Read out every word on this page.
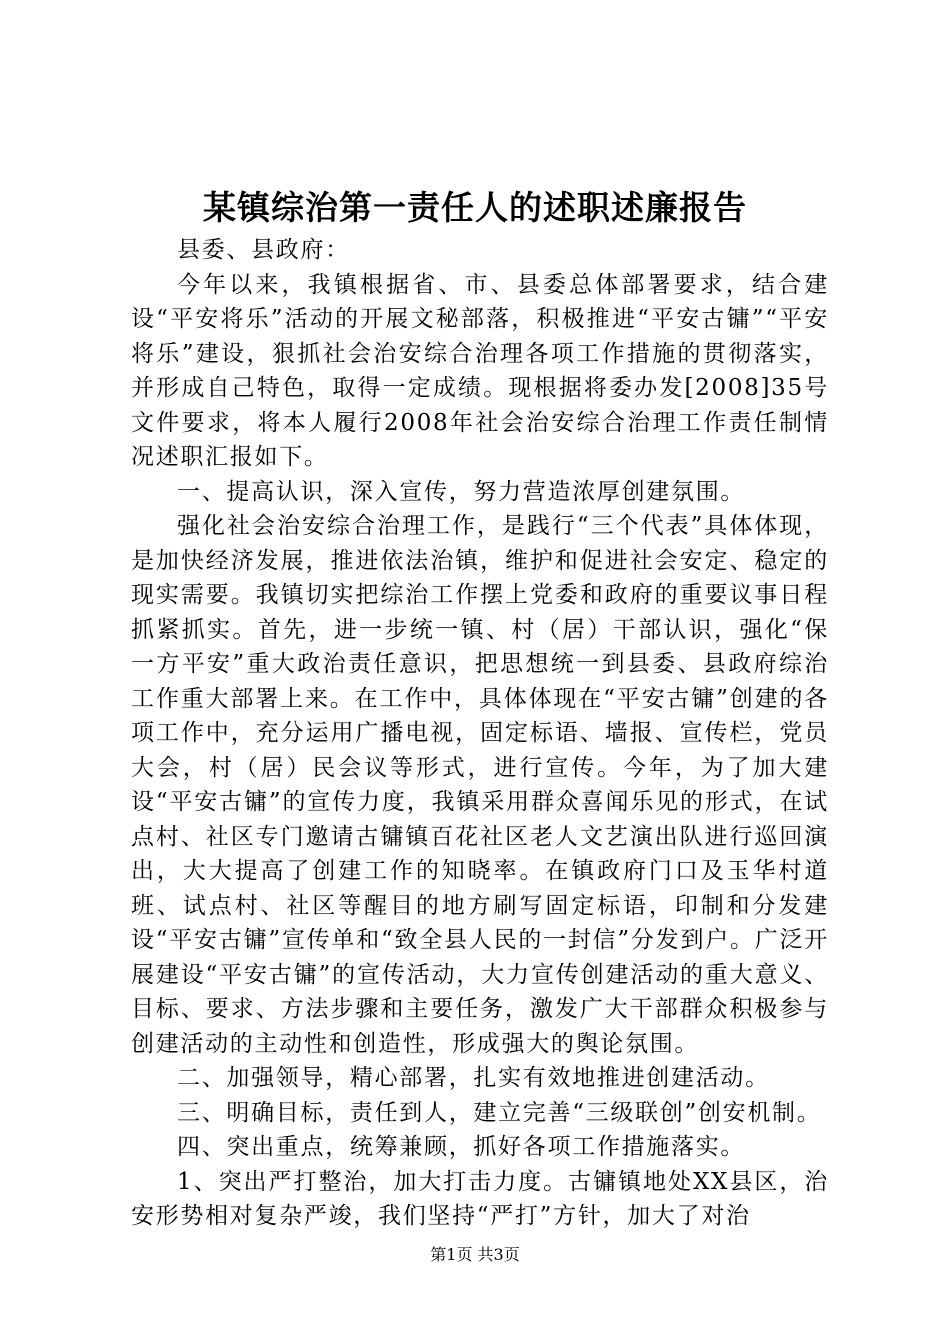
某镇综治第一责任人的述职述廉报告

县委、县政府：

今年以来，我镇根据省、市、县委总体部署要求，结合建设“平安将乐”活动的开展文秘部落，积极推进“平安古镛”“平安将乐”建设，狠抓社会治安综合治理各项工作措施的贯彻落实，并形成自己特色，取得一定成绩。现根据将委办发[2008]35号文件要求，将本人履行2008年社会治安综合治理工作责任制情况述职汇报如下。

一、提高认识，深入宣传，努力营造浓厚创建氛围。

强化社会治安综合治理工作，是践行“三个代表”具体体现，是加快经济发展，推进依法治镇，维护和促进社会安定、稳定的现实需要。我镇切实把综治工作摆上党委和政府的重要议事日程抓紧抓实。首先，进一步统一镇、村（居）干部认识，强化“保一方平安”重大政治责任意识，把思想统一到县委、县政府综治工作重大部署上来。在工作中，具体体现在“平安古镛”创建的各项工作中，充分运用广播电视，固定标语、墙报、宣传栏，党员大会，村（居）民会议等形式，进行宣传。今年，为了加大建设“平安古镛”的宣传力度，我镇采用群众喜闻乐见的形式，在试点村、社区专门邀请古镛镇百花社区老人文艺演出队进行巡回演出，大大提高了创建工作的知晓率。在镇政府门口及玉华村道班、试点村、社区等醒目的地方刷写固定标语，印制和分发建设“平安古镛”宣传单和“致全县人民的一封信”分发到户。广泛开展建设“平安古镛”的宣传活动，大力宣传创建活动的重大意义、目标、要求、方法步骤和主要任务，激发广大干部群众积极参与创建活动的主动性和创造性，形成强大的舆论氛围。

二、加强领导，精心部署，扎实有效地推进创建活动。

三、明确目标，责任到人，建立完善“三级联创”创安机制。

四、突出重点，统筹兼顾，抓好各项工作措施落实。

1、突出严打整治，加大打击力度。古镛镇地处XX县区，治安形势相对复杂严竣，我们坚持“严打”方针，加大了对治

第1页 共3页
